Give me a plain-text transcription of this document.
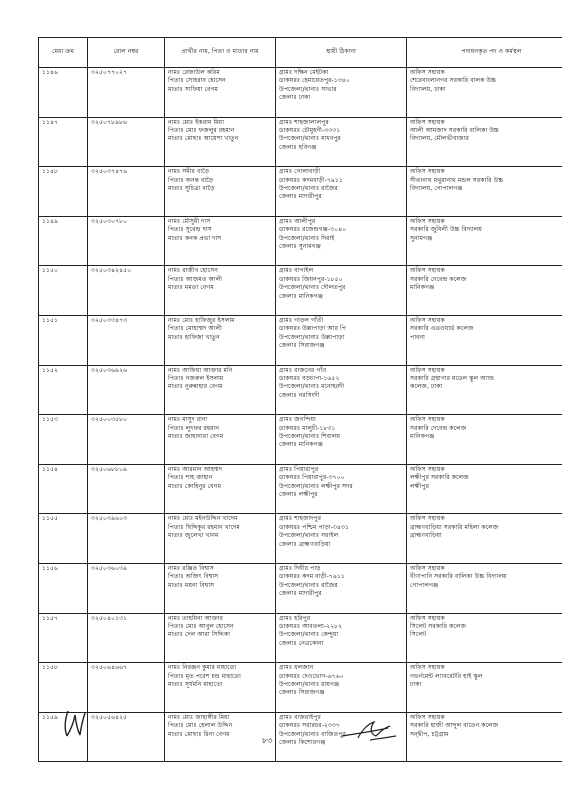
মেধা ক্রম	রোল নম্বর	প্রার্থীর নাম, পিতা ও মাতার নাম	স্থায়ী ঠিকানা	পদায়নকৃত পদ ও কর্মস্থল
১১৪৬	৩২৫০৭৭০২৭	নামঃ রেজাউল করিম
পিতাঃ সোহরাব হোসেন
মাতাঃ সাফিয়া বেগম	গ্রামঃ দক্ষিন মেইটকা
ডাকঘরঃ হেমায়েতপুর-১৩৪০
উপজেলা/থানাঃ সাভার
জেলাঃ ঢাকা	অফিস সহায়ক
শেরেবাংলানগর সরকারি বালক উচ্চ
বিদ্যালয়, ঢাকা

১১৪৭	৩২৫০৭৮৯৮৬	নামঃ মোঃ ইকরাম মিয়া
পিতাঃ মোঃ ফজলুর রহমান
মাতাঃ মোছাঃ আয়েশা খাতুন	গ্রামঃ শাহজালালপুর
ডাকঘরঃ চৌমুহনী-৩৩৩১
উপজেলা/থানাঃ মাধবপুর
জেলাঃ হবিগঞ্জ	অফিস সহায়ক
আলী আমজাদ সরকারি বালিকা উচ্চ
বিদ্যালয়, মৌলভীবাজার

১১৪৮	৩২৫০৩৭৪৭৬	নামঃ সমীর বাড়ৈ
পিতাঃ অনন্ত বাড়ৈ
মাতাঃ সুচিত্রা বাড়ৈ	গ্রামঃ গোলাবাড়ী
ডাকঘরঃ কদমবাড়ী-৭৯১১
উপজেলা/থানাঃ রাজৈর
জেলাঃ মাদারীপুর	অফিস সহায়ক
সীতানাথ মথুরানাথ মন্ডল সরকারি উচ্চ
বিদ্যালয়, গোপালগঞ্জ

১১৪৯	৩২৫০৩০৭৮০	নামঃ মৌসুমী দাস
পিতাঃ সুরেন্দ্র দাস
মাতাঃ কনক প্রভা দাস	গ্রামঃ আলীপুর
ডাকঘরঃ রজেন্দ্রগঞ্জ-৩০৪০
উপজেলা/থানাঃ দিরাই
জেলাঃ সুনামগঞ্জ	অফিস সহায়ক
সরকারি জুবিলী উচ্চ বিদ্যালয়
সুনামগঞ্জ

১১৫০	৩২৫০৩৪২৪৫০	নামঃ রাজীব হোসেন
পিতাঃ আজমত আলী
মাতাঃ মমতা বেগম	গ্রামঃ বাপাইল
ডাকঘরঃ জিয়নপুর-১৮৫০
উপজেলা/থানাঃ দৌলতপুর
জেলাঃ মানিকগঞ্জ	অফিস সহায়ক
সরকারি দেবেন্দ্র কলেজ
মানিকগঞ্জ

১১৫১	৩২৫০৩৩৪৭৩	নামঃ মোঃ হাফিজুর ইসলাম
পিতাঃ মোহাম্মদ আলী
মাতাঃ হাফিজা খাতুন	গ্রামঃ গাড়ল গাঁতী
ডাকঘরঃ উল্লাপাড়া আর পি
উপজেলা/থানাঃ উল্লাপাড়া
জেলাঃ সিরাজগঞ্জ	অফিস সহায়ক
সরকারি এডওয়ার্ড কলেজ
পাবনা

১১৫২	৩২৫০৩৬৯২৬	নামঃ আফিয়া আক্তার মনি
পিতাঃ নজরুল ইসলাম
মাতাঃ নুরুন্নাহার বেগম	গ্রামঃ রাজনের গাঁও
ডাকঘরঃ বড়চাপা-১৬৫২
উপজেলা/থানাঃ মনোহরদী
জেলাঃ নরসিংদী	অফিস সহায়ক
সরকারি গ্রন্থাগার মডেল স্কুল অ্যান্ড
কলেজ, ঢাকা

১১৫৩	৩২৫০০৩৫৮০	নামঃ মাসুদ রানা
পিতাঃ লুৎফর রহমান
মাতাঃ জাহানারা বেগম	গ্রামঃ জগন্দিয়া
ডাকঘরঃ মালুচী-১৮৩১
উপজেলা/থানাঃ শিবালয়
জেলাঃ মানিকগঞ্জ	অফিস সহায়ক
সরকারি দেবেন্দ্র কলেজ
মানিকগঞ্জ

১১৫৪	৩২৫০৬৮৮০৯	নামঃ আরমান আহম্মদ
পিতাঃ শাহ জাহান
মাতাঃ কোহিনুর বেগম	গ্রামঃ পিয়ারাপুর
ডাকঘরঃ পিয়ারাপুর-৩৭০০
উপজেলা/থানাঃ লক্ষীপুর সদর
জেলাঃ লক্ষীপুর	অফিস সহায়ক
লক্ষীপুর সরকারি কলেজ
লক্ষীপুর

১১৫৫	৩২৫০৩৯৬০৩	নামঃ মোঃ মইনউদ্দিন খাদেম
পিতাঃ ছিদ্দিকুর রহমান খাদেম
মাতাঃ জুলেখা খানম	গ্রামঃ শাহজাদপুর
ডাকঘরঃ পশ্চিম পাড়া-৩৪৩১
উপজেলা/থানাঃ সরাইল
জেলাঃ ব্রাহ্মণবাড়িয়া	অফিস সহায়ক
ব্রাহ্মণবাড়িয়া সরকারি মহিলা কলেজ
ব্রাহ্মণবাড়িয়া

১১৫৬	৩২৫০৩৬০৩৯	নামঃ রঞ্জিত বিশ্বাস
পিতাঃ অজিৎ বিশ্বাস
মাতাঃ ময়না বিশ্বাস	গ্রামঃ দিঘীর পাড়
ডাকঘরঃ কদম বাড়ী-৭৯১১
উপজেলা/থানাঃ রাজৈর
জেলাঃ মাদারীপুর	অফিস সহায়ক
বীণাপানি সরকারি বালিকা উচ্চ বিদ্যালয়
গোপালগঞ্জ

১১৫৭	৩২৫০৪০১৩১	নামঃ তাহমিনা আক্তার
পিতাঃ মোঃ আবুল হোসেন
মাতাঃ দেল আরা সিদ্দিকা	গ্রামঃ হরিপুর
ডাকঘরঃ আবতলা-২২৮২
উপজেলা/থানাঃ কেন্দুয়া
জেলাঃ নেত্রকোনা	অফিস সহায়ক
সিলেট সরকারি কলেজ
সিলেট

১১৫৮	৩২৫০৬৪৬৬৭	নামঃ নিরঞ্জন কুমার মাহাতো
পিতাঃ মৃত পরেশ চন্দ্র মাহাতো
মাতাঃ সূর্যমনি মাহাতো	গ্রামঃ ধলজান
ডাকঘরঃ দেওভোগ-৬৭৬০
উপজেলা/থানাঃ রায়গঞ্জ
জেলাঃ সিরাজগঞ্জ	অফিস সহায়ক
গভর্নমেন্ট ল্যাবরেটরি হাই স্কুল
ঢাকা

১১৫৯	৩২৫০৫৬৪২৫	নামঃ মোঃ জাহাঙ্গীর মিয়া
পিতাঃ মোঃ হেলাল উদ্দিন
মাতাঃ মোছাঃ রিনা বেগম	গ্রামঃ বাজরাইপুর
ডাকঘরঃ সরারচর-২৩৩৭
উপজেলা/থানাঃ বাজিতপুর
জেলাঃ কিশোরগঞ্জ	অফিস সহায়ক
সরকারি হাজী আব্দুল বাতেন কলেজ
সন্দ্বীপ, চট্টগ্রাম
৮৩
